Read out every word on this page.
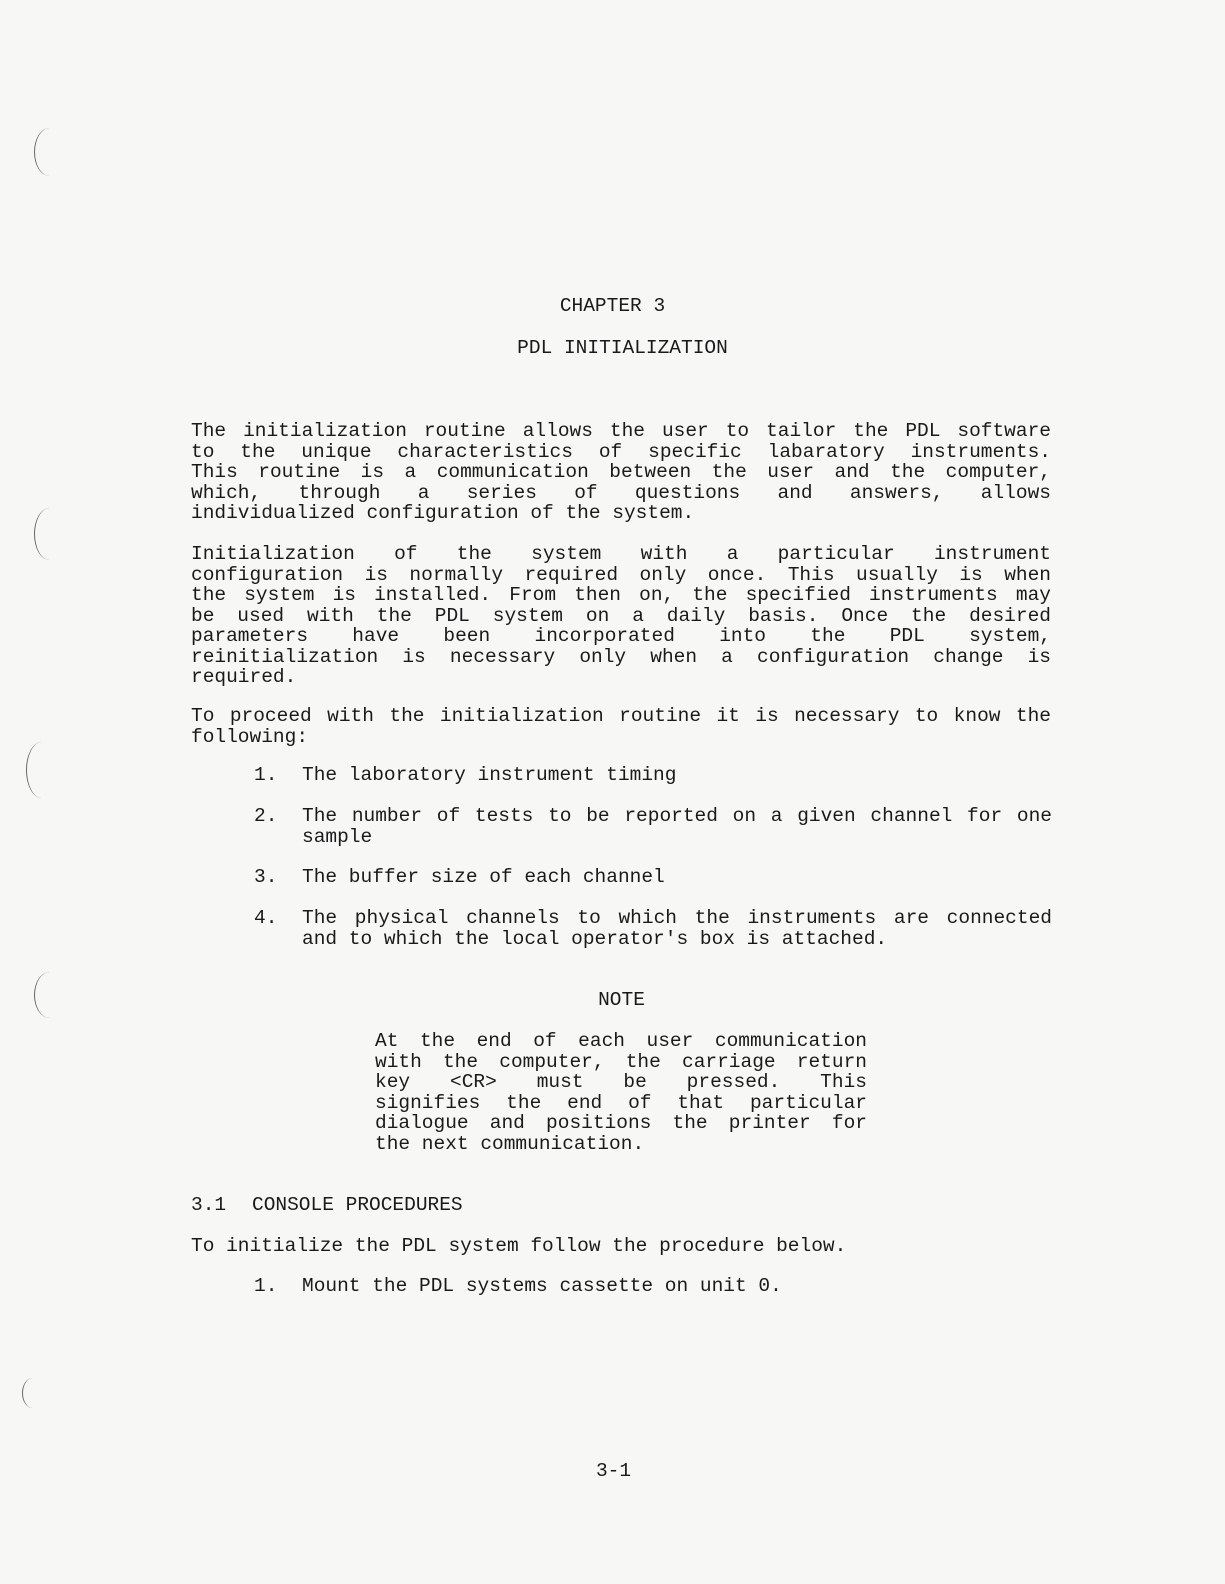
CHAPTER 3
PDL INITIALIZATION
The initialization routine allows the user to tailor the PDL software
to the unique characteristics of specific labaratory instruments.
This routine is a communication between the user and the computer,
which, through a series of questions and answers, allows
individualized configuration of the system.
Initialization of the system with a particular instrument
configuration is normally required only once. This usually is when
the system is installed. From then on, the specified instruments may
be used with the PDL system on a daily basis. Once the desired
parameters have been incorporated into the PDL system,
reinitialization is necessary only when a configuration change is
required.
To proceed with the initialization routine it is necessary to know the
following:
1. The laboratory instrument timing
2. The number of tests to be reported on a given channel for one
sample
3. The buffer size of each channel
4. The physical channels to which the instruments are connected
and to which the local operator's box is attached.
NOTE
At the end of each user communication
with the computer, the carriage return
key <CR> must be pressed. This
signifies the end of that particular
dialogue and positions the printer for
the next communication.
3.1 CONSOLE PROCEDURES
To initialize the PDL system follow the procedure below.
1. Mount the PDL systems cassette on unit 0.
3-1
